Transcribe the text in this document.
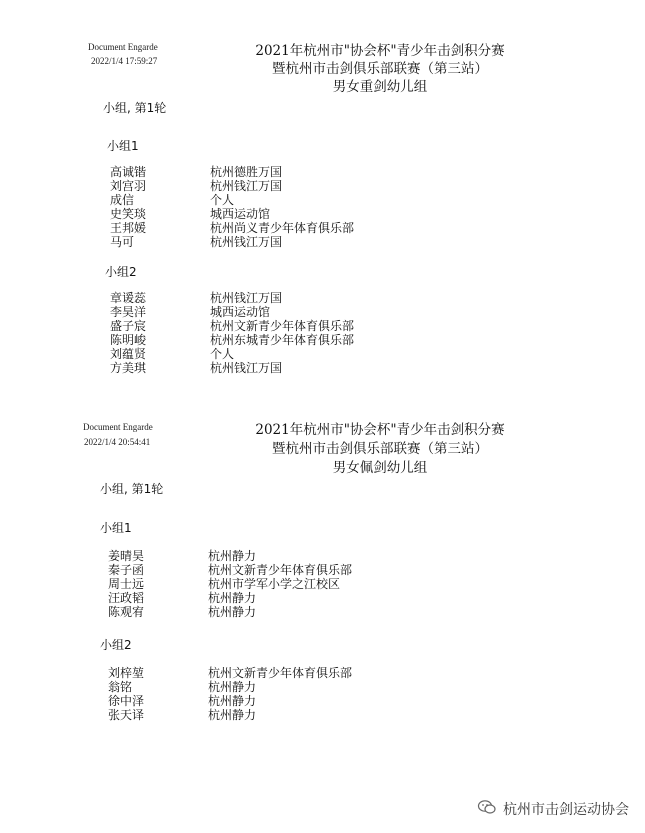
Document Engarde
2022/1/4 17:59:27
2021年杭州市"协会杯"青少年击剑积分赛
暨杭州市击剑俱乐部联赛（第三站）
男女重剑幼儿组
小组, 第1轮
小组1
高诚锴	杭州德胜万国
刘宫羽	杭州钱江万国
成信	个人
史笑琰	城西运动馆
王邦媛	杭州尚义青少年体育俱乐部
马可	杭州钱江万国
小组2
章谖蕊	杭州钱江万国
李昊洋	城西运动馆
盛子宸	杭州文新青少年体育俱乐部
陈明峻	杭州东城青少年体育俱乐部
刘蕴贤	个人
方美琪	杭州钱江万国
Document Engarde
2022/1/4 20:54:41
2021年杭州市"协会杯"青少年击剑积分赛
暨杭州市击剑俱乐部联赛（第三站）
男女佩剑幼儿组
小组, 第1轮
小组1
姜晴昊	杭州静力
秦子函	杭州文新青少年体育俱乐部
周士远	杭州市学军小学之江校区
汪政韬	杭州静力
陈观宥	杭州静力
小组2
刘梓堃	杭州文新青少年体育俱乐部
翁铭	杭州静力
徐中泽	杭州静力
张天译	杭州静力
杭州市击剑运动协会
